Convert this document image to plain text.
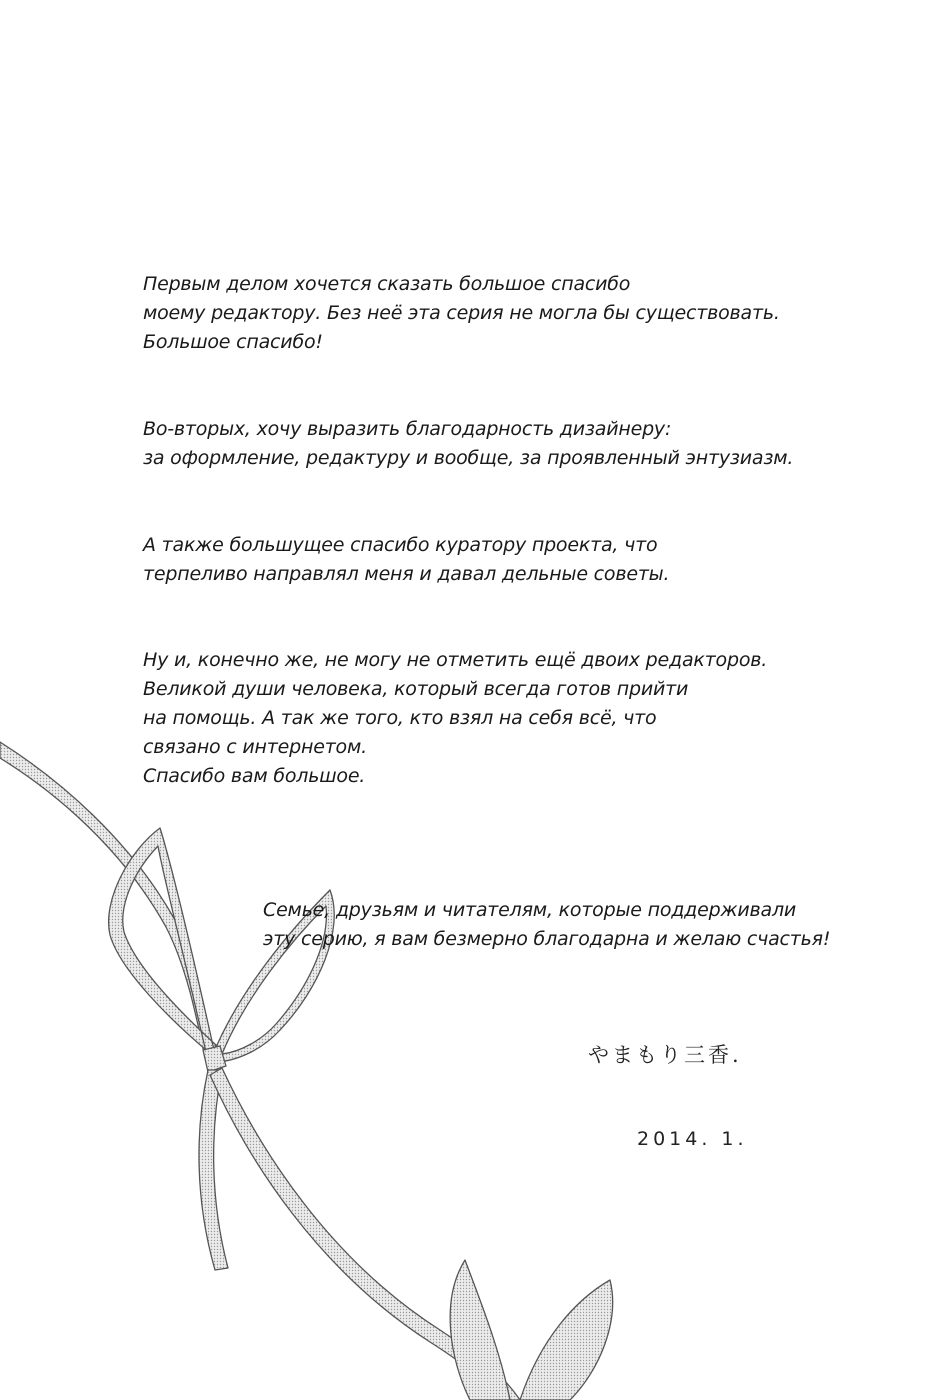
Первым делом хочется сказать большое спасибо
моему редактору. Без неё эта серия не могла бы существовать.
Большое спасибо!

Во-вторых, хочу выразить благодарность дизайнеру:
за оформление, редактуру и вообще, за проявленный энтузиазм.

А также большущее спасибо куратору проекта, что
терпеливо направлял меня и давал дельные советы.

Ну и, конечно же, не могу не отметить ещё двоих редакторов.
Великой души человека, который всегда готов прийти
на помощь. А так же того, кто взял на себя всё, что
связано с интернетом.
Спасибо вам большое.

Семье, друзьям и читателям, которые поддерживали
эту серию, я вам безмерно благодарна и желаю счастья!

やまもり三香.
2014. 1.
